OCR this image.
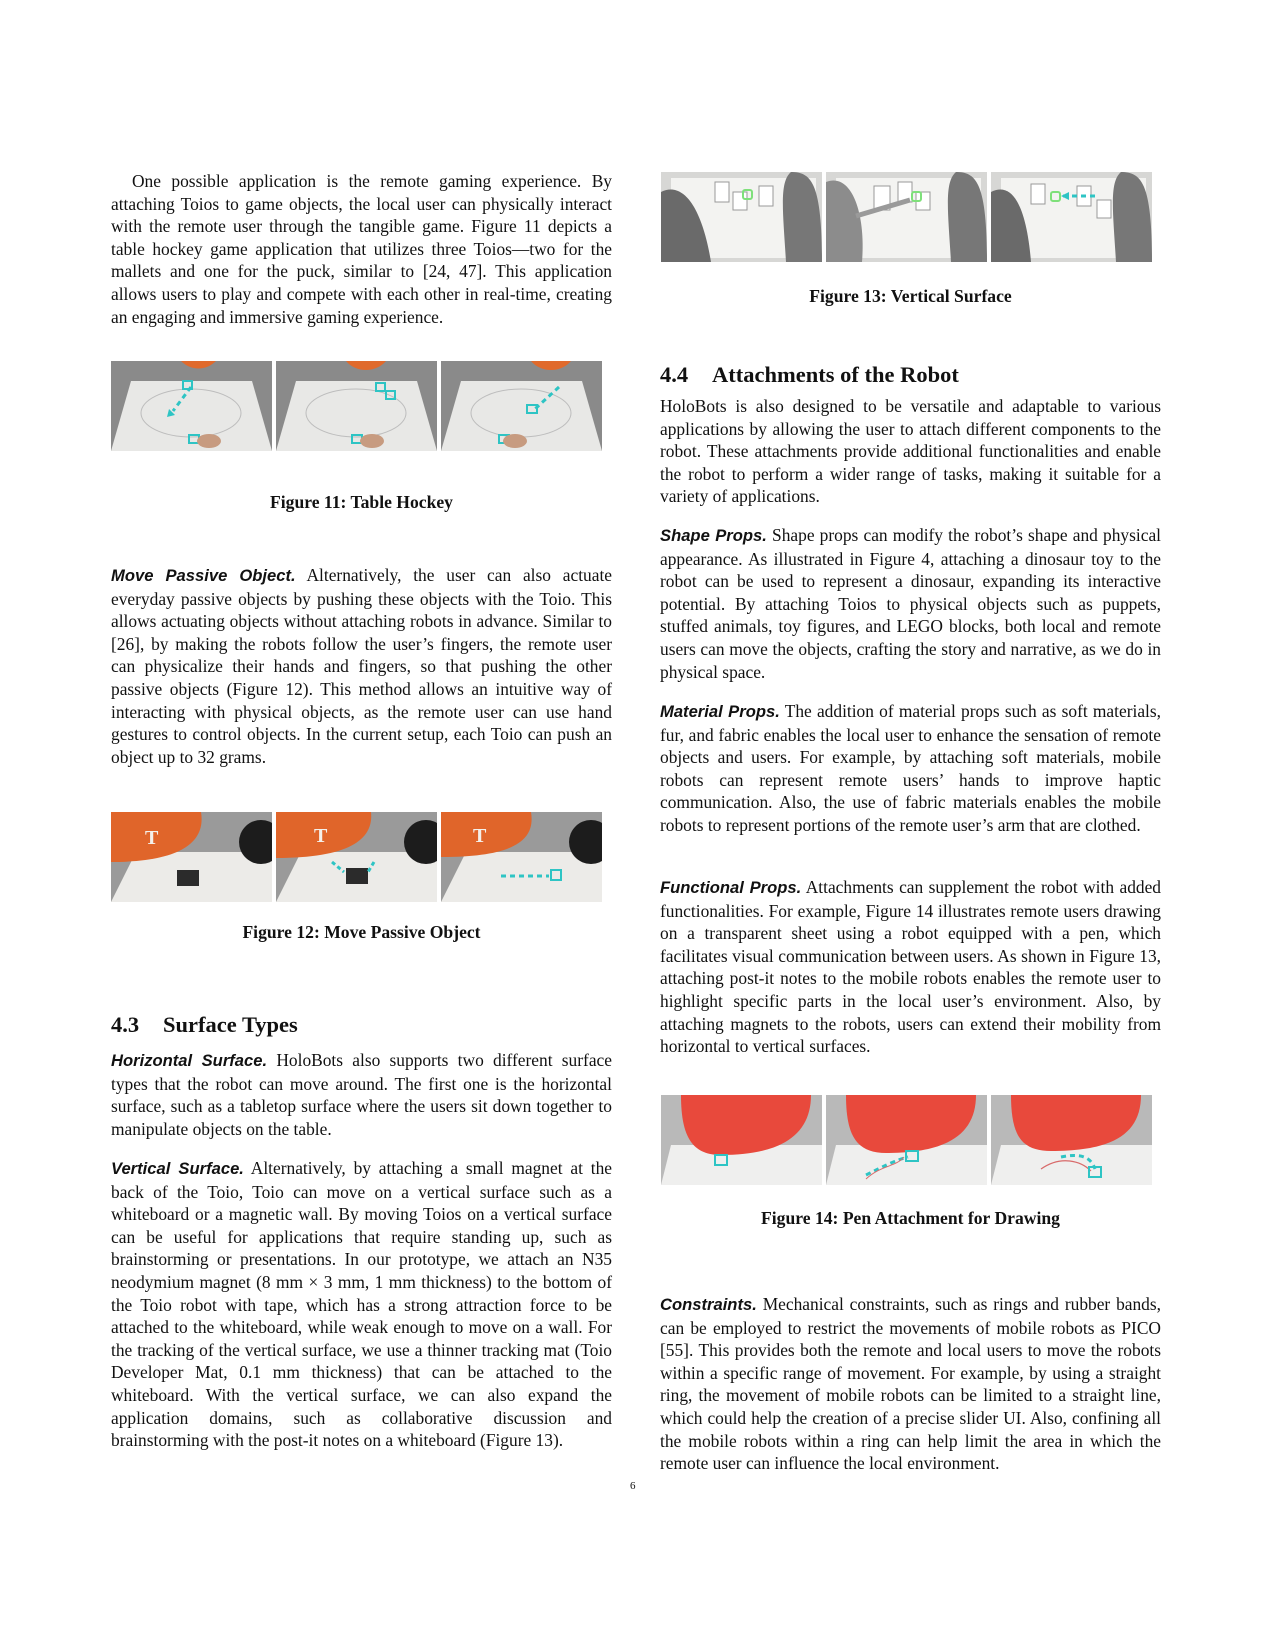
One possible application is the remote gaming experience. By attaching Toios to game objects, the local user can physically interact with the remote user through the tangible game. Figure 11 depicts a table hockey game application that utilizes three Toios—two for the mallets and one for the puck, similar to [24, 47]. This application allows users to play and compete with each other in real-time, creating an engaging and immersive gaming experience.

Figure 11: Table Hockey

Move Passive Object. Alternatively, the user can also actuate everyday passive objects by pushing these objects with the Toio. This allows actuating objects without attaching robots in advance. Similar to [26], by making the robots follow the user’s fingers, the remote user can physicalize their hands and fingers, so that pushing the other passive objects (Figure 12). This method allows an intuitive way of interacting with physical objects, as the remote user can use hand gestures to control objects. In the current setup, each Toio can push an object up to 32 grams.

T	T	T

Figure 12: Move Passive Object

4.3 Surface Types

Horizontal Surface. HoloBots also supports two different surface types that the robot can move around. The first one is the horizontal surface, such as a tabletop surface where the users sit down together to manipulate objects on the table.

Vertical Surface. Alternatively, by attaching a small magnet at the back of the Toio, Toio can move on a vertical surface such as a whiteboard or a magnetic wall. By moving Toios on a vertical surface can be useful for applications that require standing up, such as brainstorming or presentations. In our prototype, we attach an N35 neodymium magnet (8 mm × 3 mm, 1 mm thickness) to the bottom of the Toio robot with tape, which has a strong attraction force to be attached to the whiteboard, while weak enough to move on a wall. For the tracking of the vertical surface, we use a thinner tracking mat (Toio Developer Mat, 0.1 mm thickness) that can be attached to the whiteboard. With the vertical surface, we can also expand the application domains, such as collaborative discussion and brainstorming with the post-it notes on a whiteboard (Figure 13).

Figure 13: Vertical Surface

4.4 Attachments of the Robot

HoloBots is also designed to be versatile and adaptable to various applications by allowing the user to attach different components to the robot. These attachments provide additional functionalities and enable the robot to perform a wider range of tasks, making it suitable for a variety of applications.

Shape Props. Shape props can modify the robot’s shape and physical appearance. As illustrated in Figure 4, attaching a dinosaur toy to the robot can be used to represent a dinosaur, expanding its interactive potential. By attaching Toios to physical objects such as puppets, stuffed animals, toy figures, and LEGO blocks, both local and remote users can move the objects, crafting the story and narrative, as we do in physical space.

Material Props. The addition of material props such as soft materials, fur, and fabric enables the local user to enhance the sensation of remote objects and users. For example, by attaching soft materials, mobile robots can represent remote users’ hands to improve haptic communication. Also, the use of fabric materials enables the mobile robots to represent portions of the remote user’s arm that are clothed.

Functional Props. Attachments can supplement the robot with added functionalities. For example, Figure 14 illustrates remote users drawing on a transparent sheet using a robot equipped with a pen, which facilitates visual communication between users. As shown in Figure 13, attaching post-it notes to the mobile robots enables the remote user to highlight specific parts in the local user’s environment. Also, by attaching magnets to the robots, users can extend their mobility from horizontal to vertical surfaces.

Figure 14: Pen Attachment for Drawing

Constraints. Mechanical constraints, such as rings and rubber bands, can be employed to restrict the movements of mobile robots as PICO [55]. This provides both the remote and local users to move the robots within a specific range of movement. For example, by using a straight ring, the movement of mobile robots can be limited to a straight line, which could help the creation of a precise slider UI. Also, confining all the mobile robots within a ring can help limit the area in which the remote user can influence the local environment.

6
